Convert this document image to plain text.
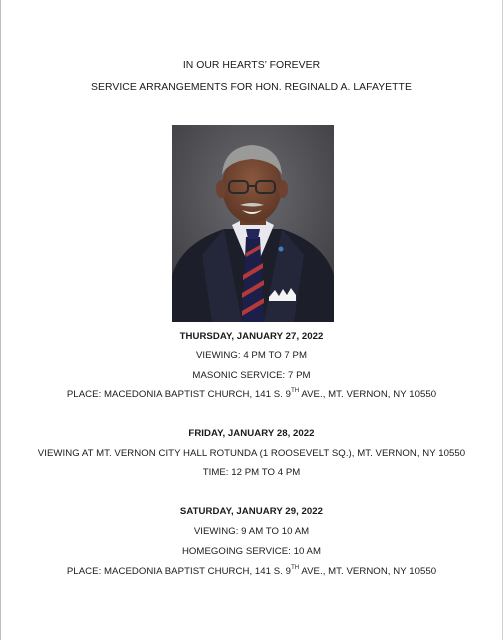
IN OUR HEARTS’ FOREVER
SERVICE ARRANGEMENTS FOR HON. REGINALD A. LAFAYETTE
THURSDAY, JANUARY 27, 2022
VIEWING: 4 PM TO 7 PM
MASONIC SERVICE: 7 PM
PLACE: MACEDONIA BAPTIST CHURCH, 141 S. 9TH AVE., MT. VERNON, NY 10550
FRIDAY, JANUARY 28, 2022
VIEWING AT MT. VERNON CITY HALL ROTUNDA (1 ROOSEVELT SQ.), MT. VERNON, NY 10550
TIME: 12 PM TO 4 PM
SATURDAY, JANUARY 29, 2022
VIEWING: 9 AM TO 10 AM
HOMEGOING SERVICE: 10 AM
PLACE: MACEDONIA BAPTIST CHURCH, 141 S. 9TH AVE., MT. VERNON, NY 10550
